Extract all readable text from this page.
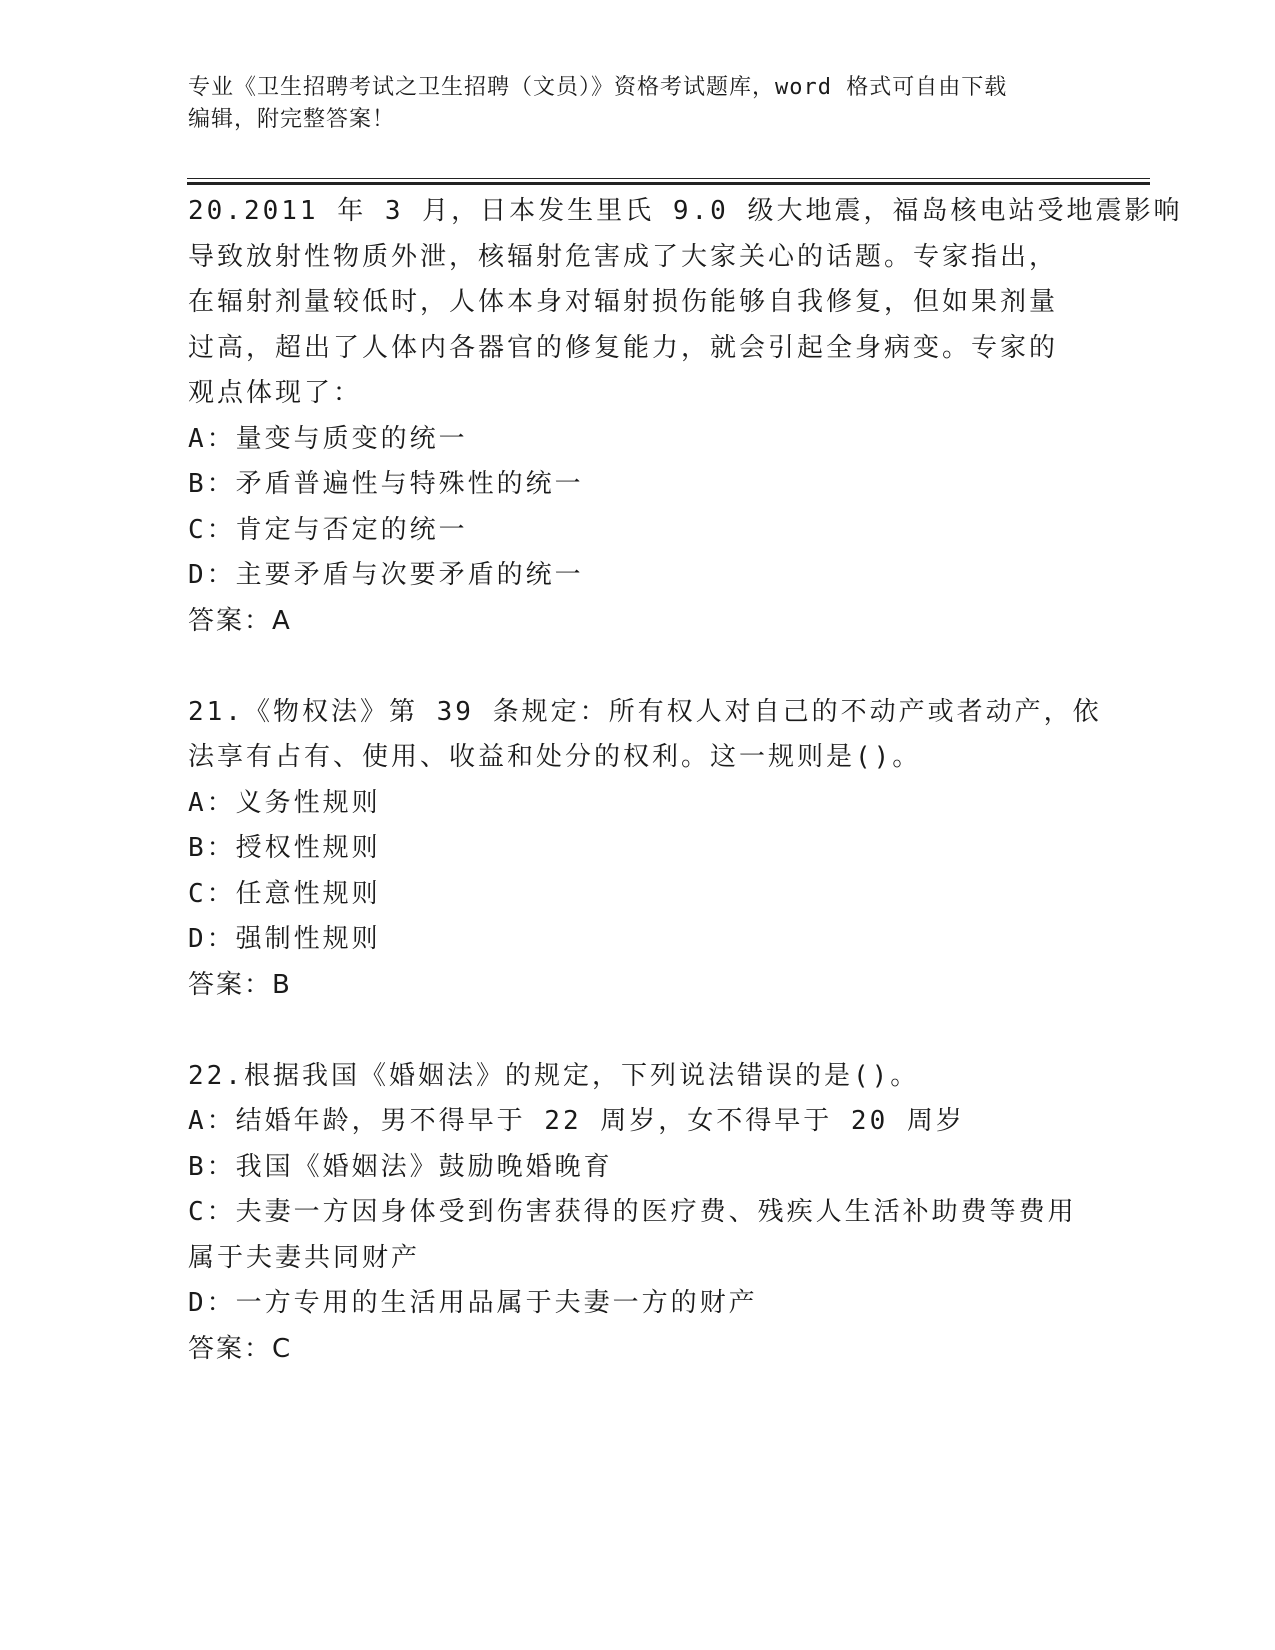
专业《卫生招聘考试之卫生招聘（文员）》资格考试题库，word 格式可自由下载
编辑，附完整答案！
20.2011 年 3 月，日本发生里氏 9.0 级大地震，福岛核电站受地震影响
导致放射性物质外泄，核辐射危害成了大家关心的话题。专家指出，
在辐射剂量较低时，人体本身对辐射损伤能够自我修复，但如果剂量
过高，超出了人体内各器官的修复能力，就会引起全身病变。专家的
观点体现了：
A：量变与质变的统一
B：矛盾普遍性与特殊性的统一
C：肯定与否定的统一
D：主要矛盾与次要矛盾的统一
答案：A
21.《物权法》第 39 条规定：所有权人对自己的不动产或者动产，依
法享有占有、使用、收益和处分的权利。这一规则是()。
A：义务性规则
B：授权性规则
C：任意性规则
D：强制性规则
答案：B
22.根据我国《婚姻法》的规定，下列说法错误的是()。
A：结婚年龄，男不得早于 22 周岁，女不得早于 20 周岁
B：我国《婚姻法》鼓励晚婚晚育
C：夫妻一方因身体受到伤害获得的医疗费、残疾人生活补助费等费用
属于夫妻共同财产
D：一方专用的生活用品属于夫妻一方的财产
答案：C
